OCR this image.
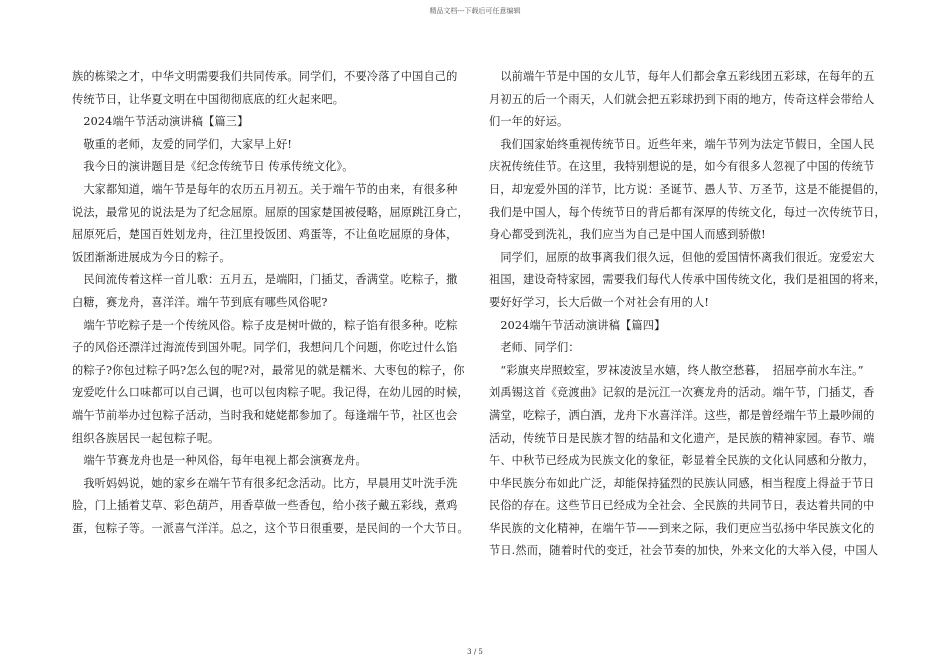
精品文档---下载后可任意编辑
族的栋梁之才，中华文明需要我们共同传承。同学们，不要冷落了中国自己的
传统节日，让华夏文明在中国彻彻底底的红火起来吧。
　2024端午节活动演讲稿【篇三】
　敬重的老师，友爱的同学们，大家早上好!
　我今日的演讲题目是《纪念传统节日 传承传统文化》。
　大家都知道，端午节是每年的农历五月初五。关于端午节的由来，有很多种
说法，最常见的说法是为了纪念屈原。屈原的国家楚国被侵略，屈原跳江身亡，
屈原死后，楚国百姓划龙舟，往江里投饭团、鸡蛋等，不让鱼吃屈原的身体，
饭团渐渐进展成为今日的粽子。
　民间流传着这样一首儿歌：五月五，是端阳，门插艾，香满堂。吃粽子，撒
白糖，赛龙舟，喜洋洋。端午节到底有哪些风俗呢?
　端午节吃粽子是一个传统风俗。粽子皮是树叶做的，粽子馅有很多种。吃粽
子的风俗还漂洋过海流传到国外呢。同学们，我想问几个问题，你吃过什么馅
的粽子?你包过粽子吗?怎么包的呢?对，最常见的就是糯米、大枣包的粽子，你
宠爱吃什么口味都可以自己调，也可以包肉粽子呢。我记得，在幼儿园的时候，
端午节前举办过包粽子活动，当时我和姥姥都参加了。每逢端午节，社区也会
组织各族居民一起包粽子呢。
　端午节赛龙舟也是一种风俗，每年电视上都会演赛龙舟。
　我听妈妈说，她的家乡在端午节有很多纪念活动。比方，早晨用艾叶洗手洗
脸，门上插着艾草、彩色葫芦，用香草做一些香包，给小孩子戴五彩线，煮鸡
蛋，包粽子等。一派喜气洋洋。总之，这个节日很重要，是民间的一个大节日。
　以前端午节是中国的女儿节，每年人们都会拿五彩线团五彩球，在每年的五
月初五的后一个雨天，人们就会把五彩球扔到下雨的地方，传奇这样会带给人
们一年的好运。
　我们国家始终重视传统节日。近些年来，端午节列为法定节假日，全国人民
庆祝传统佳节。在这里，我特别想说的是，如今有很多人忽视了中国的传统节
日，却宠爱外国的洋节，比方说：圣诞节、愚人节、万圣节，这是不能提倡的，
我们是中国人，每个传统节日的背后都有深厚的传统文化，每过一次传统节日，
身心都受到洗礼，我们应当为自己是中国人而感到骄傲!
　同学们，屈原的故事离我们很久远，但他的爱国情怀离我们很近。宠爱宏大
祖国，建设奇特家园，需要我们每代人传承中国传统文化，我们是祖国的将来，
要好好学习，长大后做一个对社会有用的人!
　2024端午节活动演讲稿【篇四】
　老师、同学们：
　“彩旗夹岸照蛟室，罗袜凌波呈水嬉，终人散空愁暮，　招屈亭前水车注。”
刘禹锡这首《竞渡曲》记叙的是沅江一次赛龙舟的活动。端午节，门插艾，香
满堂，吃粽子，洒白酒，龙舟下水喜洋洋。这些，都是曾经端午节上最吵闹的
活动，传统节日是民族才智的结晶和文化遗产，是民族的精神家园。春节、端
午、中秋节已经成为民族文化的象征，彰显着全民族的文化认同感和分散力，
中华民族分布如此广泛，却能保持猛烈的民族认同感，相当程度上得益于节日
民俗的存在。这些节日已经成为全社会、全民族的共同节日，表达着共同的中
华民族的文化精神，在端午节——到来之际，我们更应当弘扬中华民族文化的
节日.然而，随着时代的变迁，社会节奏的加快，外来文化的大举入侵，中国人
3 / 5
